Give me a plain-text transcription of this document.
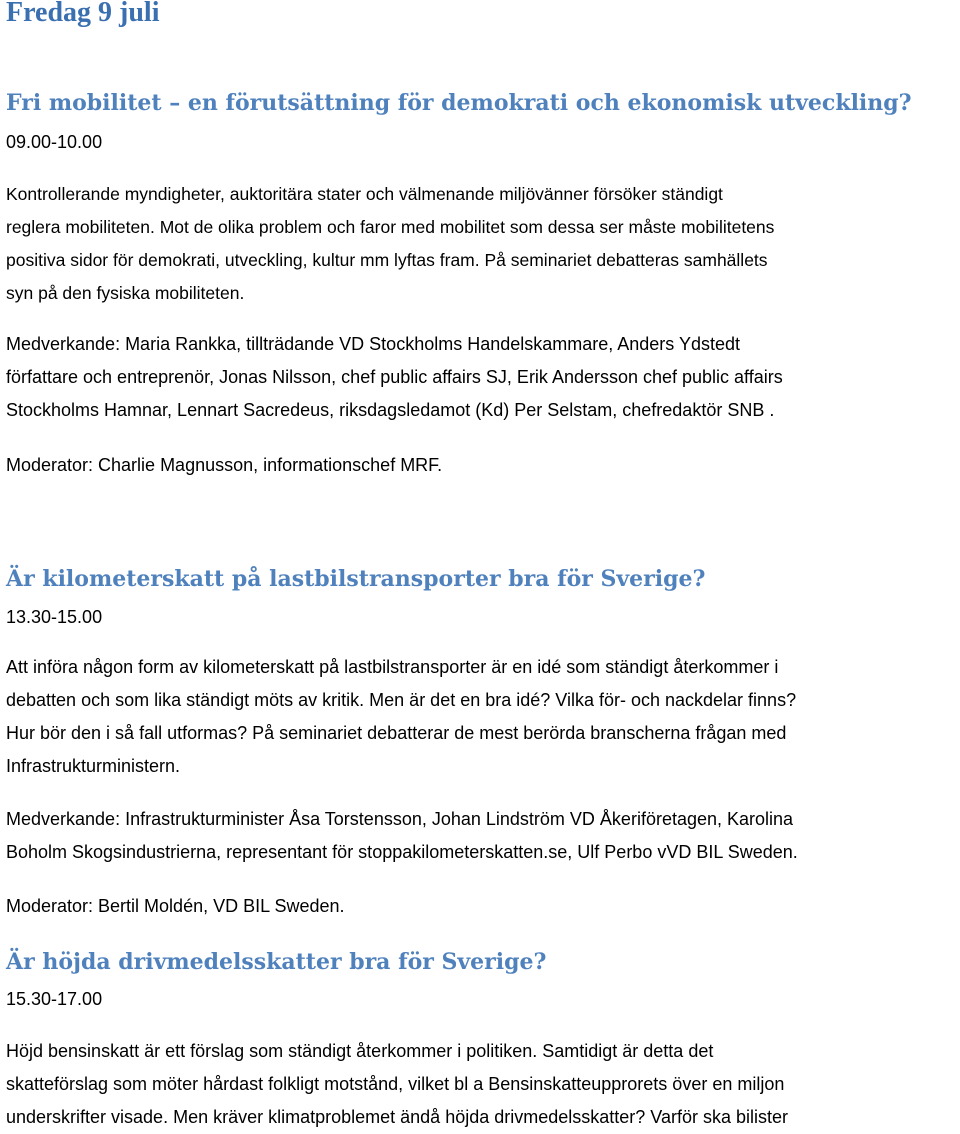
Fredag 9 juli
Fri mobilitet – en förutsättning för demokrati och ekonomisk utveckling?

09.00-10.00

Kontrollerande myndigheter, auktoritära stater och välmenande miljövänner försöker ständigt
reglera mobiliteten. Mot de olika problem och faror med mobilitet som dessa ser måste mobilitetens
positiva sidor för demokrati, utveckling, kultur mm lyftas fram. På seminariet debatteras samhällets
syn på den fysiska mobiliteten.

Medverkande: Maria Rankka, tillträdande VD Stockholms Handelskammare, Anders Ydstedt
författare och entreprenör, Jonas Nilsson, chef public affairs SJ, Erik Andersson chef public affairs
Stockholms Hamnar, Lennart Sacredeus, riksdagsledamot (Kd) Per Selstam, chefredaktör SNB .

Moderator: Charlie Magnusson, informationschef MRF.

Är kilometerskatt på lastbilstransporter bra för Sverige?

13.30-15.00

Att införa någon form av kilometerskatt på lastbilstransporter är en idé som ständigt återkommer i
debatten och som lika ständigt möts av kritik. Men är det en bra idé? Vilka för- och nackdelar finns?
Hur bör den i så fall utformas? På seminariet debatterar de mest berörda branscherna frågan med
Infrastrukturministern.

Medverkande: Infrastrukturminister Åsa Torstensson, Johan Lindström VD Åkeriföretagen, Karolina
Boholm Skogsindustrierna, representant för stoppakilometerskatten.se, Ulf Perbo vVD BIL Sweden.

Moderator: Bertil Moldén, VD BIL Sweden.

Är höjda drivmedelsskatter bra för Sverige?

15.30-17.00

Höjd bensinskatt är ett förslag som ständigt återkommer i politiken. Samtidigt är detta det
skatteförslag som möter hårdast folkligt motstånd, vilket bl a Bensinskatteupprorets över en miljon
underskrifter visade. Men kräver klimatproblemet ändå höjda drivmedelsskatter? Varför ska bilister
